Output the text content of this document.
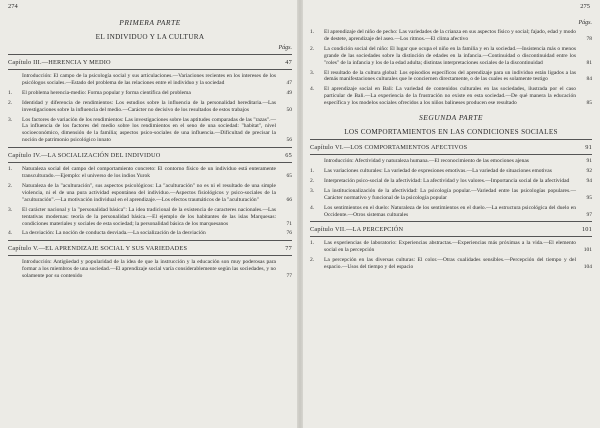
274
PRIMERA PARTE
EL INDIVIDUO Y LA CULTURA
Págs.
Capítulo III.—HERENCIA Y MEDIO	47
Introducción: El campo de la psicología social y sus articulaciones.—Variaciones recientes en los intereses de los psicólogos sociales.—Estado del problema de las relaciones entre el individuo y la sociedad	47
1.	El problema herencia-medio: Forma popular y forma científica del problema	49
2.	Identidad y diferencia de rendimientos: Los estudios sobre la influencia de la personalidad hereditaria.—Las investigaciones sobre la influencia del medio.—Carácter no decisivo de los resultados de estos trabajos	50
3.	Los factores de variación de los rendimientos: Las investigaciones sobre las aptitudes comparadas de las "razas".—La influencia de los factores del medio sobre los rendimientos en el seno de una sociedad: "habitat", nivel socioeconómico, dimensión de la familia; aspectos psico-sociales de una influencia.—Dificultad de precisar la noción de patrimonio psicológico innato	56
Capítulo IV.—LA SOCIALIZACIÓN DEL INDIVIDUO	65
1.	Naturaleza social del campo del comportamiento concreto: El contorno físico de un individuo está enteramente transculturado.—Ejemplo: el universo de los indios Yurok	65
2.	Naturaleza de la "aculturación", sus aspectos psicológicos: La "aculturación" no es ni el resultado de una simple violencia, ni el de una pura actividad espontánea del individuo.—Aspectos fisiológicos y psico-sociales de la "aculturación".—La motivación individual en el aprendizaje.—Los efectos traumáticos de la "aculturación"	66
3.	El carácter nacional y la "personalidad básica": La idea tradicional de la existencia de caracteres nacionales.—Las tentativas modernas: teoría de la personalidad básica.—El ejemplo de los habitantes de las islas Marquesas: condiciones materiales y sociales de esta sociedad; la personalidad básica de los marquesanos	71
4.	La desviación: La noción de conducta desviada.—La socialización de la desviación	76
Capítulo V.—EL APRENDIZAJE SOCIAL Y SUS VARIEDADES	77
Introducción: Antigüedad y popularidad de la idea de que la instrucción y la educación son muy poderosas para formar a los miembros de una sociedad.—El aprendizaje social varía considerablemente según las sociedades, y no solamente por su contenido	77
275
Págs.
1.	El aprendizaje del niño de pecho: Las variedades de la crianza en sus aspectos físico y social; fajado, edad y modo de destete, aprendizaje del aseo.—Los ritmos.—El clima afectivo	78
2.	La condición social del niño: El lugar que ocupa el niño en la familia y en la sociedad.—Insistencia más o menos grande de las sociedades sobre la distinción de edades en la infancia.—Continuidad o discontinuidad entre los "roles" de la infancia y los de la edad adulta; distintas interpretaciones sociales de la discontinuidad	81
3.	El resultado de la cultura global: Los episodios específicos del aprendizaje para un individuo están ligados a las demás manifestaciones culturales que le conciernen directamente, o de las cuales es solamente testigo	84
4.	El aprendizaje social en Bali: La variedad de contenidos culturales en las sociedades, ilustrada por el caso particular de Bali.—La experiencia de la frustración no existe en esta sociedad.—De qué manera la educación específica y los modelos sociales ofrecidos a los niños balineses producen ese resultado	85
SEGUNDA PARTE
LOS COMPORTAMIENTOS EN LAS CONDICIONES SOCIALES
Capítulo VI.—LOS COMPORTAMIENTOS AFECTIVOS	91
Introducción: Afectividad y naturaleza humana.—El reconocimiento de las emociones ajenas	91
1.	Las variaciones culturales: La variedad de expresiones emotivas.—La variedad de situaciones emotivas	92
2.	Interpretación psico-social de la afectividad: La afectividad y los valores.—Importancia social de la afectividad	94
3.	La institucionalización de la afectividad: La psicología popular.—Variedad entre las psicologías populares.—Carácter normativo y funcional de la psicología popular	95
4.	Los sentimientos en el duelo: Naturaleza de los sentimientos en el duelo.—La estructura psicológica del duelo en Occidente.—Otros sistemas culturales	97
Capítulo VII.—LA PERCEPCIÓN	101
1.	Las experiencias de laboratorio: Experiencias abstractas.—Experiencias más próximas a la vida.—El elemento social en la percepción	101
2.	La percepción en las diversas culturas: El color.—Otras cualidades sensibles.—Percepción del tiempo y del espacio.—Usos del tiempo y del espacio	104
